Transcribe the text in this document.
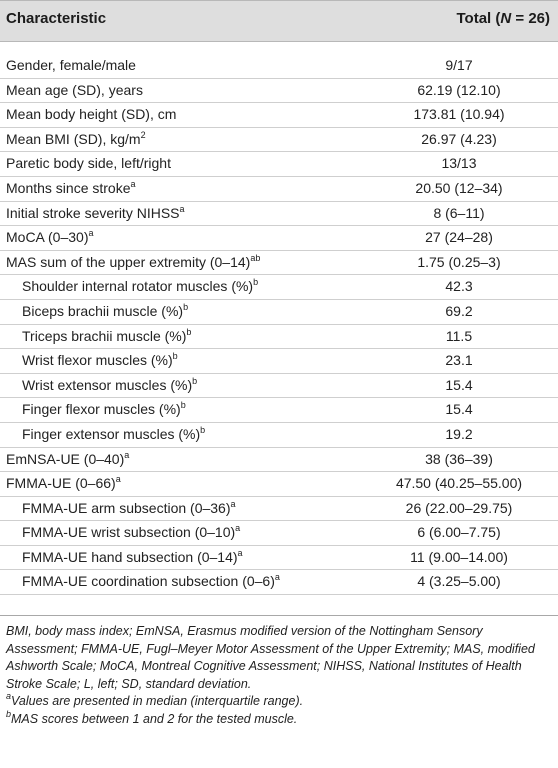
Characteristic	Total (N = 26)
Gender, female/male	9/17
Mean age (SD), years	62.19 (12.10)
Mean body height (SD), cm	173.81 (10.94)
Mean BMI (SD), $kg/m^2$	26.97 (4.23)
Paretic body side, left/right	13/13
Months since stroke$^a$	20.50 (12–34)
Initial stroke severity NIHSS$^a$	8 (6–11)
MoCA $(0-30)^a$	27 (24–28)
MAS sum of the upper extremity $(0-14)^{ab}$	1.75 (0.25–3)
Shoulder internal rotator muscles (%)$^b$	42.3
Biceps brachii muscle (%)$^b$	69.2
Triceps brachii muscle (%)$^b$	11.5
Wrist flexor muscles (%)$^b$	23.1
Wrist extensor muscles (%)$^b$	15.4
Finger flexor muscles (%)$^b$	15.4
Finger extensor muscles (%)$^b$	19.2
EmNSA-UE $(0-40)^a$	38 (36–39)
FMMA-UE $(0-66)^a$	47.50 (40.25–55.00)
FMMA-UE arm subsection $(0-36)^a$	26 (22.00–29.75)
FMMA-UE wrist subsection $(0-10)^a$	6 (6.00–7.75)
FMMA-UE hand subsection $(0-14)^a$	11 (9.00–14.00)
FMMA-UE coordination subsection $(0-6)^a$	4 (3.25–5.00)

BMI, body mass index; EmNSA, Erasmus modified version of the Nottingham Sensory Assessment; FMMA-UE, Fugl–Meyer Motor Assessment of the Upper Extremity; MAS, modified Ashworth Scale; MoCA, Montreal Cognitive Assessment; NIHSS, National Institutes of Health Stroke Scale; L, left; SD, standard deviation.

$^a$Values are presented in median (interquartile range).

$^b$MAS scores between 1 and 2 for the tested muscle.
